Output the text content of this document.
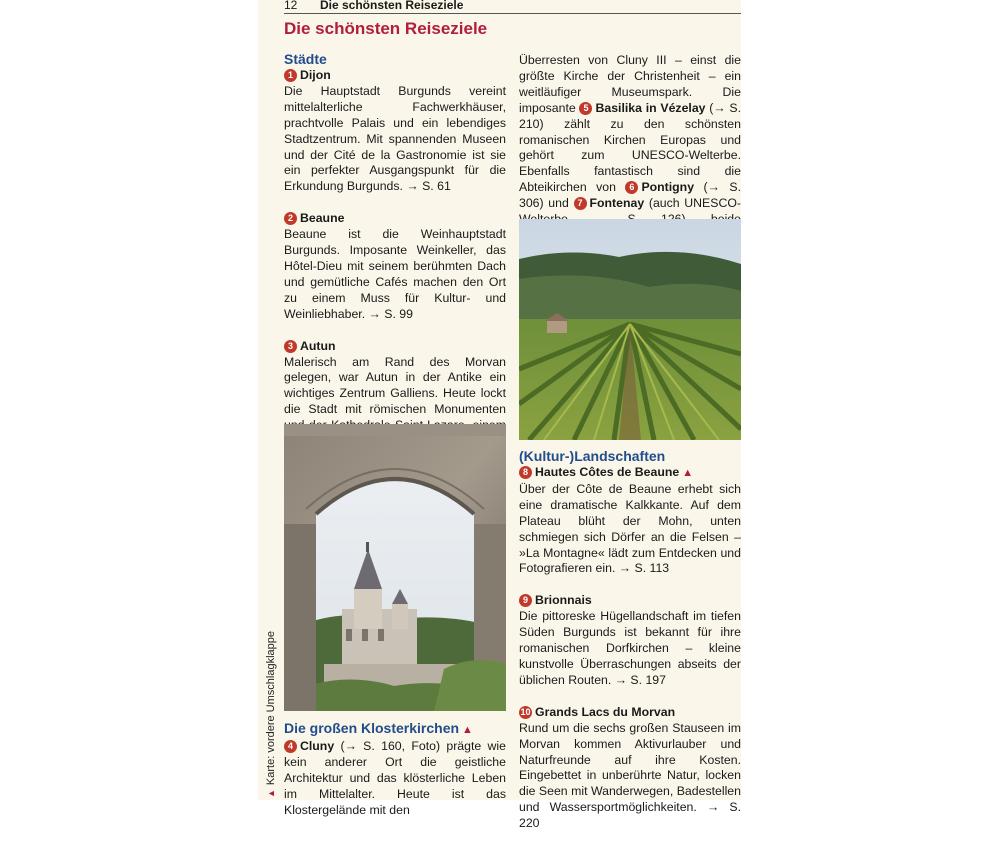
12 Die schönsten Reiseziele
▲Karte: vordere Umschlagklappe
Die schönsten Reiseziele
Städte
1 Dijon
Die Hauptstadt Burgunds vereint mittelalterliche Fachwerkhäuser, prachtvolle Palais und ein lebendiges Stadtzentrum. Mit spannenden Museen und der Cité de la Gastronomie ist sie ein perfekter Ausgangspunkt für die Erkundung Burgunds. → S. 61
2 Beaune
Beaune ist die Weinhauptstadt Burgunds. Imposante Weinkeller, das Hôtel-Dieu mit seinem berühmten Dach und gemütliche Cafés machen den Ort zu einem Muss für Kultur- und Weinliebhaber. → S. 99
3 Autun
Malerisch am Rand des Morvan gelegen, war Autun in der Antike ein wichtiges Zentrum Galliens. Heute lockt die Stadt mit römischen Monumenten
Die großen Klosterkirchen ▲
4 Cluny (→ S. 160, Foto) prägte wie kein anderer Ort die geistliche Architektur und das klösterliche Leben im Mittelalter. Heute ist das Klostergelände mit den
Überresten von Cluny III – einst die größte Kirche der Christenheit – ein weitläufiger Museumspark. Die imposante 5 Basilika in Vézelay (→ S. 210) zählt zu den schönsten romanischen Kirchen Europas und gehört zum UNESCO-Welterbe. Ebenfalls fantastisch sind die Abteikirchen von 6 Pontigny (→ S. 306) und 7 Fontenay (auch UNESCO-
(Kultur-)Landschaften
8 Hautes Côtes de Beaune ▲
Über der Côte de Beaune erhebt sich eine dramatische Kalkkante. Auf dem Plateau blüht der Mohn, unten schmiegen sich Dörfer an die Felsen – »La Montagne« lädt zum Entdecken und Fotografieren ein. → S. 113
9 Brionnais
Die pittoreske Hügellandschaft im tiefen Süden Burgunds ist bekannt für ihre romanischen Dorfkirchen – kleine kunstvolle Überraschungen abseits der üblichen Routen. → S. 197
10 Grands Lacs du Morvan
Rund um die sechs großen Stauseen im Morvan kommen Aktivurlauber und Naturfreunde auf ihre Kosten. Eingebettet in unberührte Natur, locken die Seen mit Wanderwegen, Badestellen und Wassersportmöglichkeiten. → S. 220
